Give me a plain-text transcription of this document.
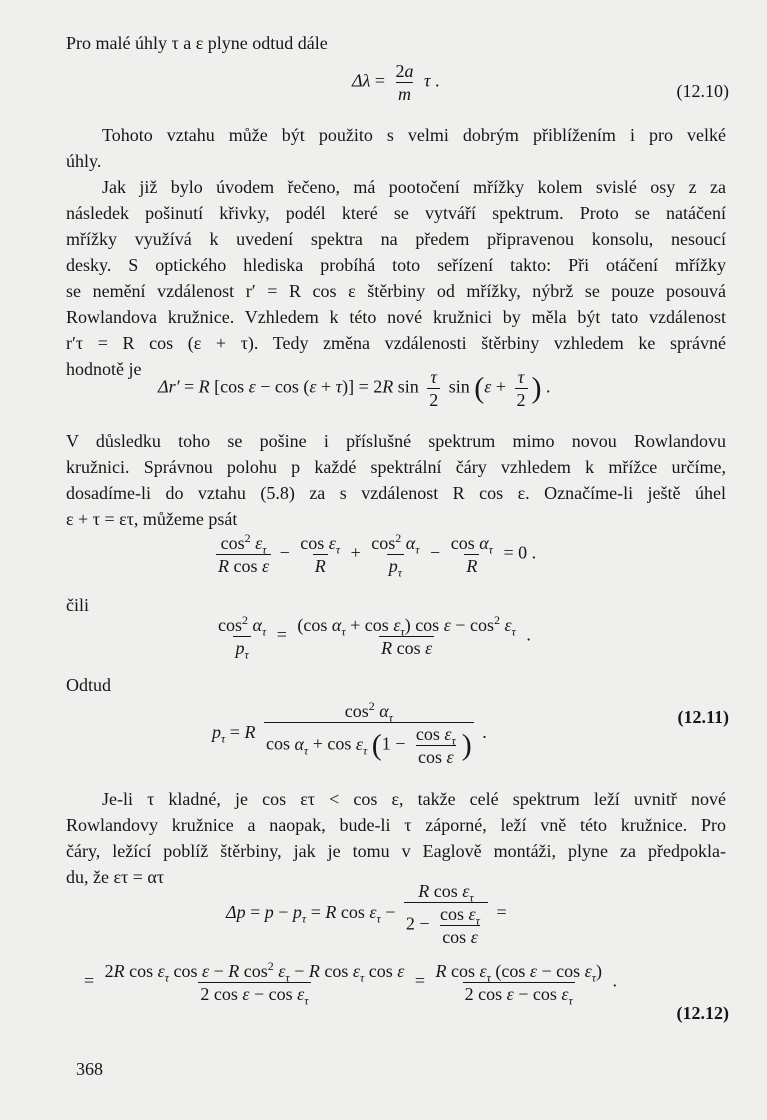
Pro malé úhly τ a ε plyne odtud dále
$\Delta\lambda = \frac{2a}{m}$ τ .
(12.10)
Tohoto vztahu může být použito s velmi dobrým přiblížením i pro velké
úhly.
Jak již bylo úvodem řečeno, má pootočení mřížky kolem svislé osy z za
následek pošinutí křivky, podél které se vytváří spektrum. Proto se natáčení
mřížky využívá k uvedení spektra na předem připravenou konsolu, nesoucí
desky. S optického hlediska probíhá toto seřízení takto: Při otáčení mřížky
se nemění vzdálenost r′ = R cos ε štěrbiny od mřížky, nýbrž se pouze posouvá
Rowlandova kružnice. Vzhledem k této nové kružnici by měla být tato vzdálenost
r′τ = R cos (ε + τ). Tedy změna vzdálenosti štěrbiny vzhledem ke správné
hodnotě je
Δr′ = R [cos ε − cos (ε + τ)] = 2R $\sin \frac{\tau}{2}$ $\sin (\varepsilon + \frac{\tau}{2}$ ) .
V důsledku toho se pošine i příslušné spektrum mimo novou Rowlandovu
kružnici. Správnou polohu p každé spektrální čáry vzhledem k mřížce určíme,
dosadíme-li do vztahu (5.8) za s vzdálenost R cos ε. Označíme-li ještě úhel
ε + τ = ετ, můžeme psát
$\frac{\cos^2 \varepsilon_\tau}{\text{R cos ε}} - \frac{\cos \varepsilon_\tau}{R} + \frac{\cos^2 \alpha_\tau}{p_\tau} - \frac{\cos \alpha_\tau}{R} = 0$ .
čili
$\frac{\cos^2 \alpha_\tau}{p_\tau} = \frac{(\cos \alpha_\tau + \cos \varepsilon_\tau) \cos \varepsilon - \cos^2 \varepsilon_\tau}{\text{R cos ε}}$ .
Odtud
$p_\tau = R \frac{\cos^2 \alpha_\tau}{\cos \alpha_\tau + \cos \varepsilon_\tau (1 - \frac{\cos \varepsilon_\tau}{\text{cos ε}} )}$ .
(12.11)
Je-li τ kladné, je cos ετ < cos ε, takže celé spektrum leží uvnitř nové
Rowlandovy kružnice a naopak, bude-li τ záporné, leží vně této kružnice. Pro
čáry, ležící poblíž štěrbiny, jak je tomu v Eaglově montáži, plyne za předpokla-
du, že ετ = ατ
$\Delta p = p - p_\tau = R$ $\cos \varepsilon_\tau - \frac{R \cos \varepsilon_\tau}{2 - \frac{\cos \varepsilon_\tau}{\text{cos ε}}}$ =
= $\frac{2R \cos \varepsilon_\tau \cos \varepsilon - R \cos^2 \varepsilon_\tau - R \cos \varepsilon_\tau \cos \varepsilon}{2 \cos \varepsilon - \cos \varepsilon_\tau} = \frac{R \cos \varepsilon_\tau (\cos \varepsilon - \cos \varepsilon_\tau)}{2 \cos \varepsilon - \cos \varepsilon_\tau}$ .
(12.12)
368
